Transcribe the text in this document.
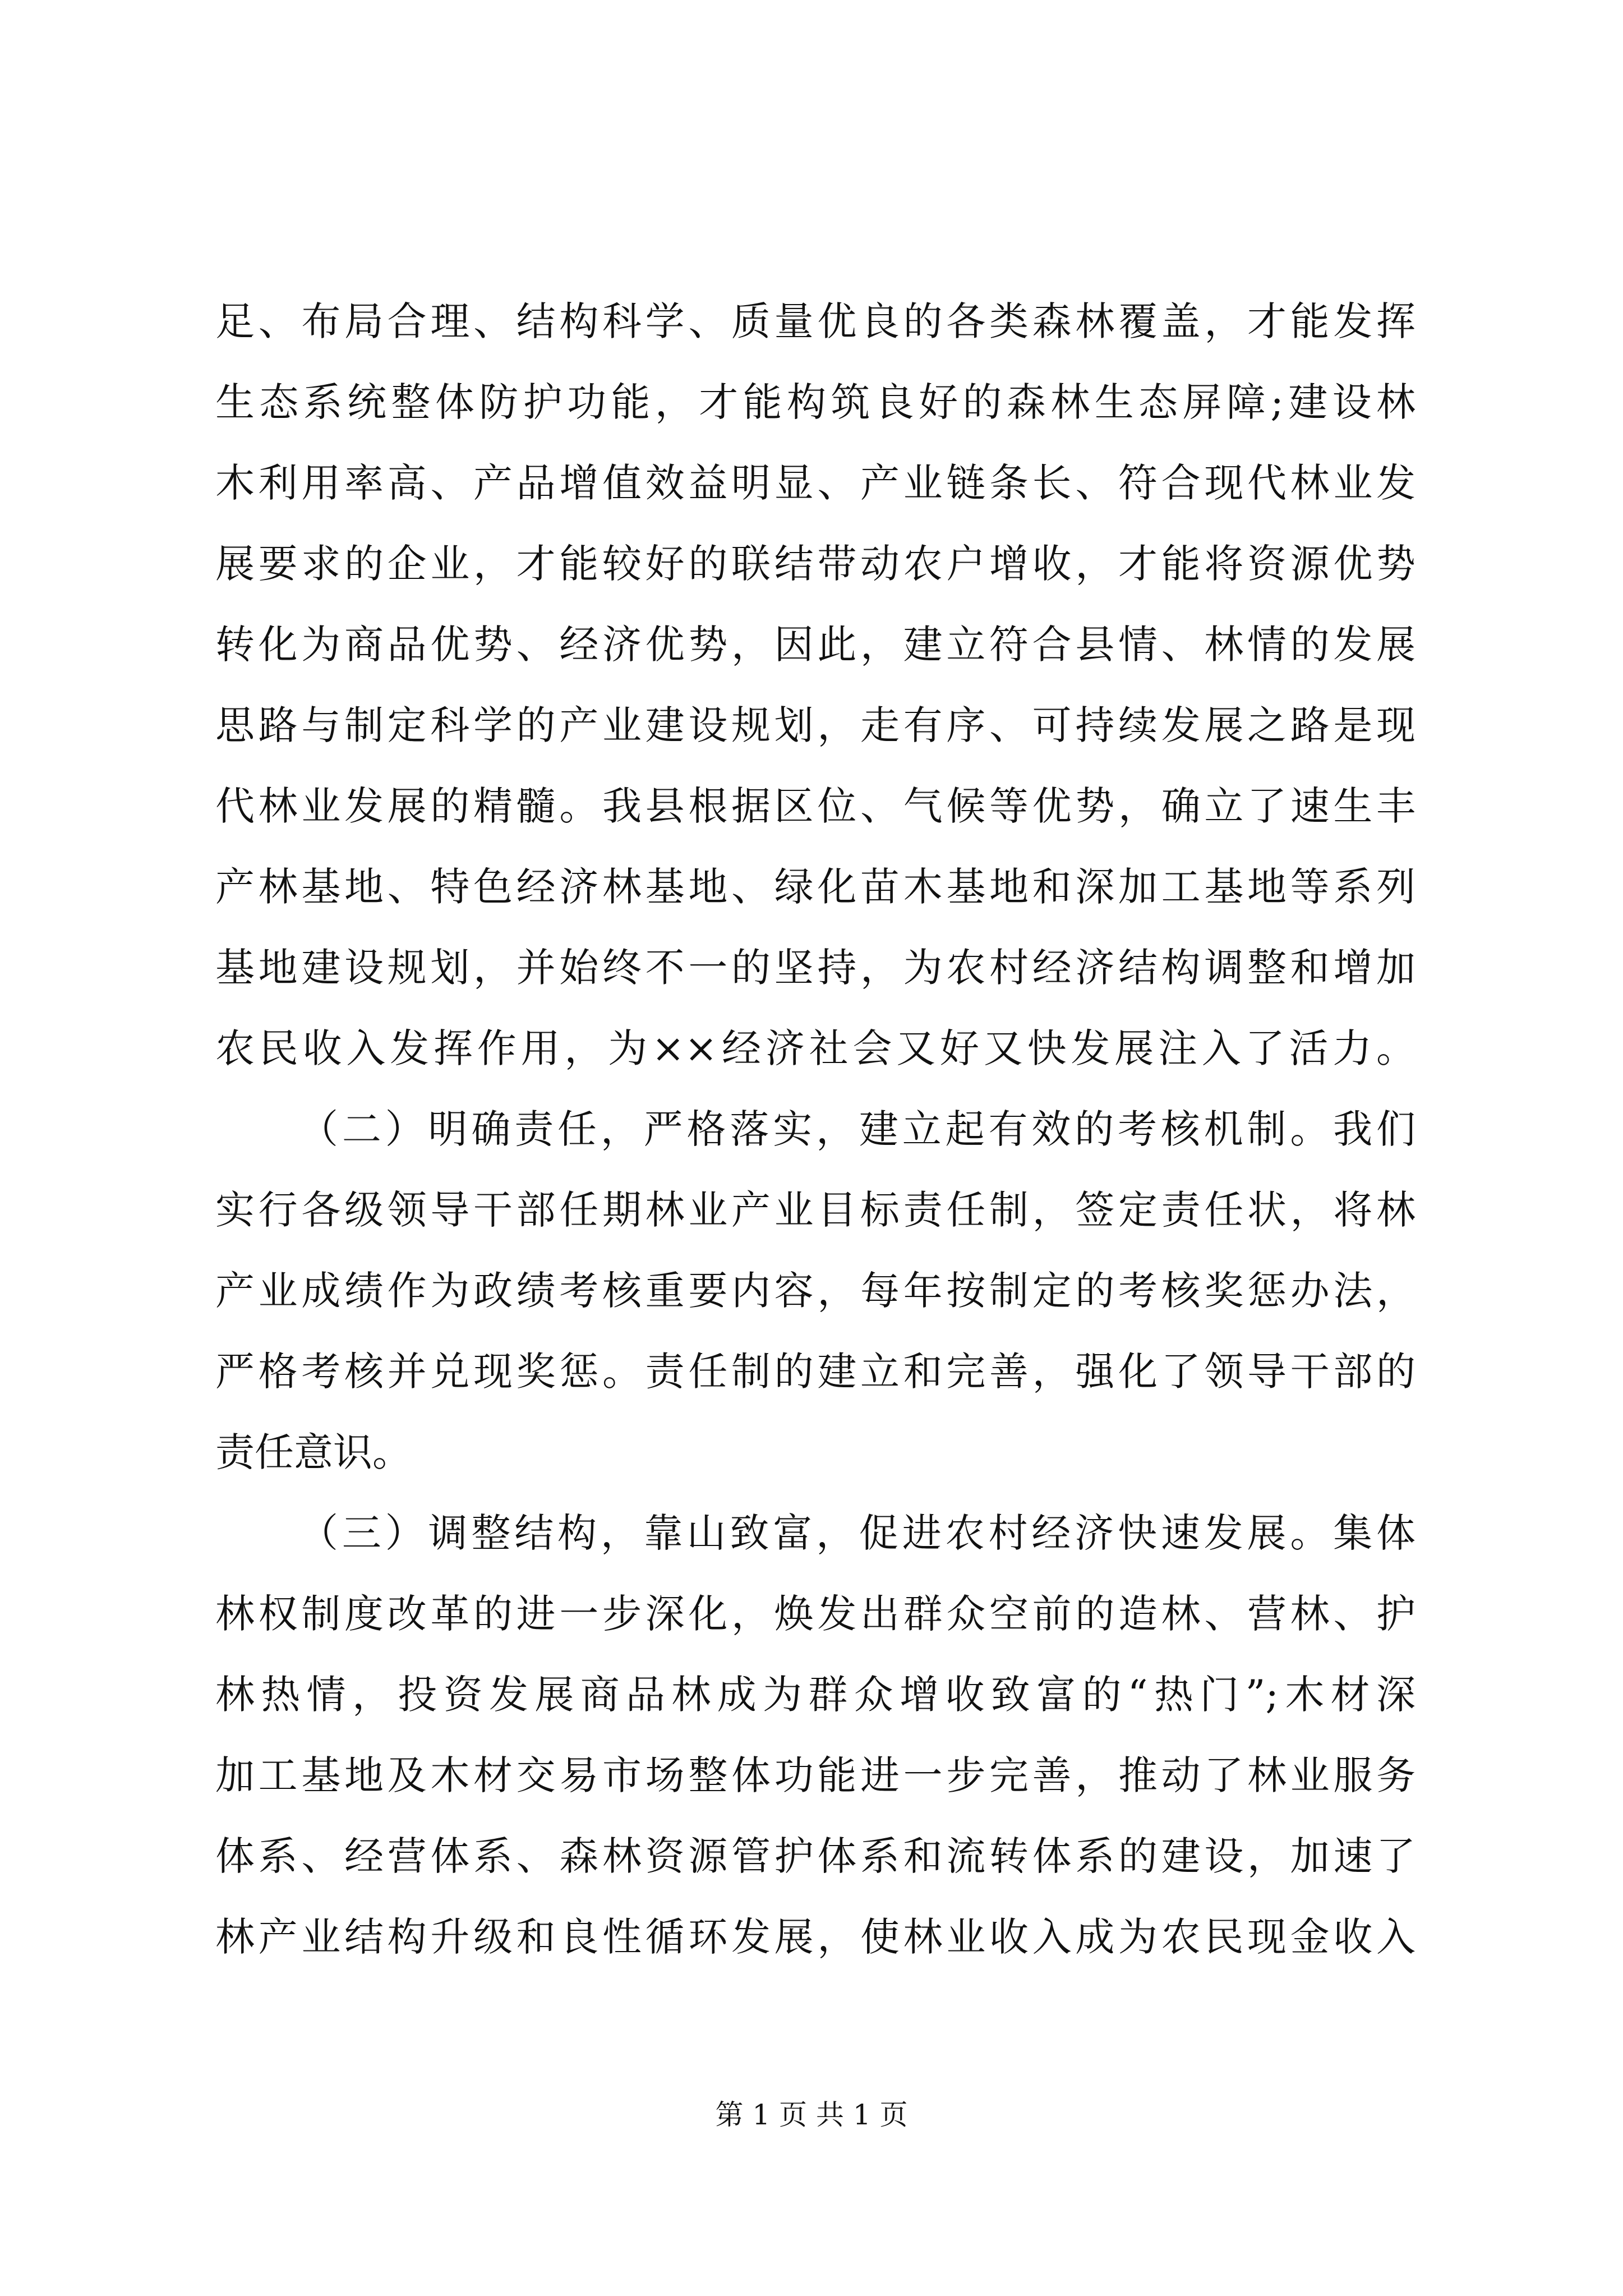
足、布局合理、结构科学、质量优良的各类森林覆盖，才能发挥
生态系统整体防护功能，才能构筑良好的森林生态屏障;建设林
木利用率高、产品增值效益明显、产业链条长、符合现代林业发
展要求的企业，才能较好的联结带动农户增收，才能将资源优势
转化为商品优势、经济优势，因此，建立符合县情、林情的发展
思路与制定科学的产业建设规划，走有序、可持续发展之路是现
代林业发展的精髓。我县根据区位、气候等优势，确立了速生丰
产林基地、特色经济林基地、绿化苗木基地和深加工基地等系列
基地建设规划，并始终不一的坚持，为农村经济结构调整和增加
农民收入发挥作用，为××经济社会又好又快发展注入了活力。
（二）明确责任，严格落实，建立起有效的考核机制。我们
实行各级领导干部任期林业产业目标责任制，签定责任状，将林
产业成绩作为政绩考核重要内容，每年按制定的考核奖惩办法，
严格考核并兑现奖惩。责任制的建立和完善，强化了领导干部的
责任意识。
（三）调整结构，靠山致富，促进农村经济快速发展。集体
林权制度改革的进一步深化，焕发出群众空前的造林、营林、护
林热情，投资发展商品林成为群众增收致富的“热门”;木材深
加工基地及木材交易市场整体功能进一步完善，推动了林业服务
体系、经营体系、森林资源管护体系和流转体系的建设，加速了
林产业结构升级和良性循环发展，使林业收入成为农民现金收入
第 1 页 共 1 页
